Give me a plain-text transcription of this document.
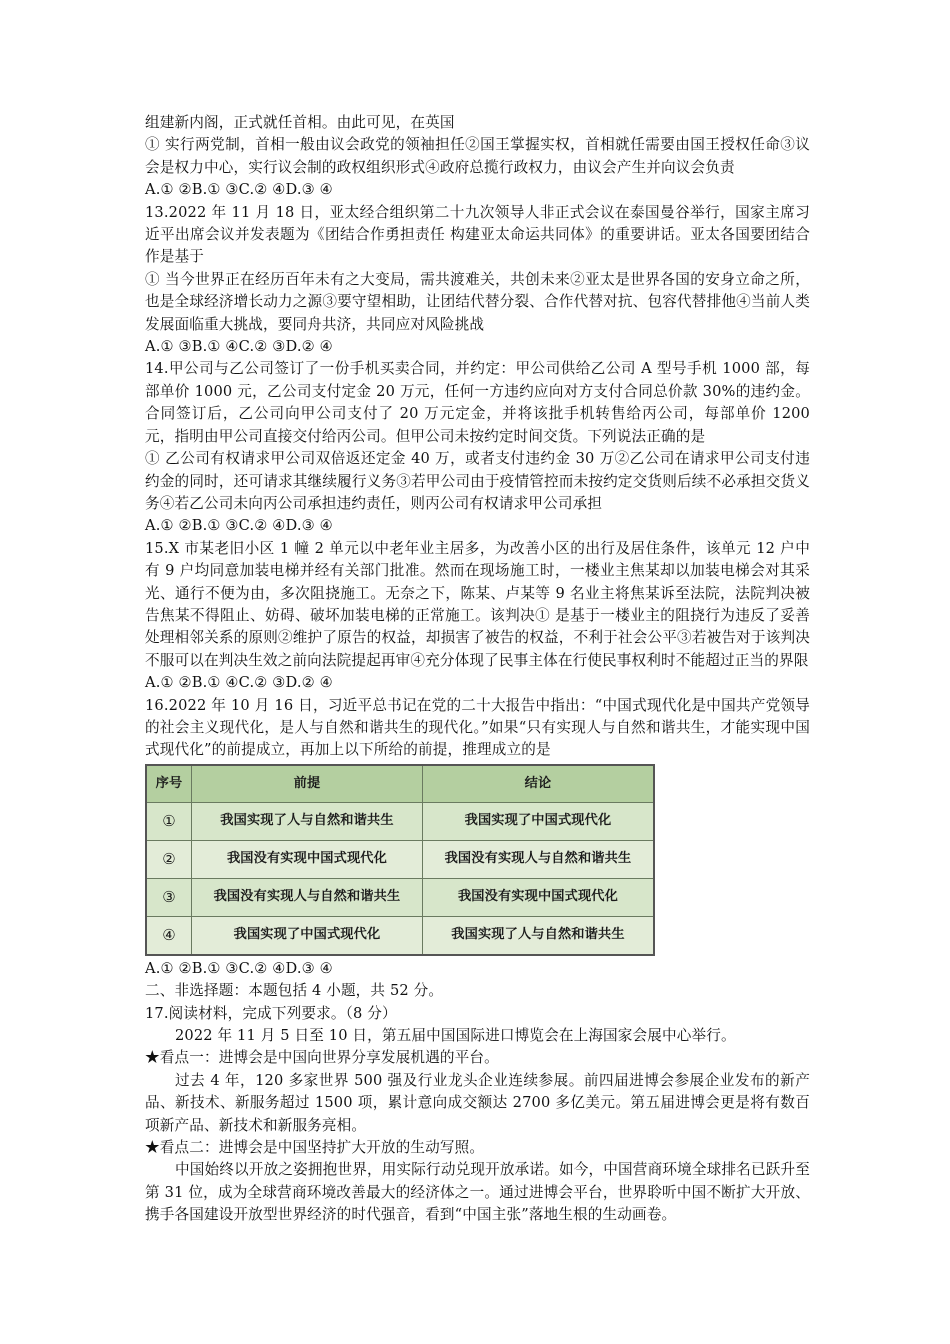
组建新内阁，正式就任首相。由此可见，在英国

① 实行两党制，首相一般由议会政党的领袖担任②国王掌握实权，首相就任需要由国王授权任命③议会是权力中心，实行议会制的政权组织形式④政府总揽行政权力，由议会产生并向议会负责

A.① ②B.① ③C.② ④D.③ ④

13.2022 年 11 月 18 日，亚太经合组织第二十九次领导人非正式会议在泰国曼谷举行，国家主席习近平出席会议并发表题为《团结合作勇担责任 构建亚太命运共同体》的重要讲话。亚太各国要团结合作是基于

① 当今世界正在经历百年未有之大变局，需共渡难关，共创未来②亚太是世界各国的安身立命之所，也是全球经济增长动力之源③要守望相助，让团结代替分裂、合作代替对抗、包容代替排他④当前人类发展面临重大挑战，要同舟共济，共同应对风险挑战

A.① ③B.① ④C.② ③D.② ④

14.甲公司与乙公司签订了一份手机买卖合同，并约定：甲公司供给乙公司 A 型号手机 1000 部，每部单价 1000 元，乙公司支付定金 20 万元，任何一方违约应向对方支付合同总价款 30%的违约金。合同签订后，乙公司向甲公司支付了 20 万元定金，并将该批手机转售给丙公司，每部单价 1200 元，指明由甲公司直接交付给丙公司。但甲公司未按约定时间交货。下列说法正确的是

① 乙公司有权请求甲公司双倍返还定金 40 万，或者支付违约金 30 万②乙公司在请求甲公司支付违约金的同时，还可请求其继续履行义务③若甲公司由于疫情管控而未按约定交货则后续不必承担交货义务④若乙公司未向丙公司承担违约责任，则丙公司有权请求甲公司承担

A.① ②B.① ③C.② ④D.③ ④

15.X 市某老旧小区 1 幢 2 单元以中老年业主居多，为改善小区的出行及居住条件，该单元 12 户中有 9 户均同意加装电梯并经有关部门批准。然而在现场施工时，一楼业主焦某却以加装电梯会对其采光、通行不便为由，多次阻挠施工。无奈之下，陈某、卢某等 9 名业主将焦某诉至法院，法院判决被告焦某不得阻止、妨碍、破坏加装电梯的正常施工。该判决① 是基于一楼业主的阻挠行为违反了妥善处理相邻关系的原则②维护了原告的权益，却损害了被告的权益，不利于社会公平③若被告对于该判决不服可以在判决生效之前向法院提起再审④充分体现了民事主体在行使民事权利时不能超过正当的界限

A.① ②B.① ④C.② ③D.② ④

16.2022 年 10 月 16 日，习近平总书记在党的二十大报告中指出：“中国式现代化是中国共产党领导的社会主义现代化，是人与自然和谐共生的现代化。”如果“只有实现人与自然和谐共生，才能实现中国式现代化”的前提成立，再加上以下所给的前提，推理成立的是

序号	前提	结论
①	我国实现了人与自然和谐共生	我国实现了中国式现代化
②	我国没有实现中国式现代化	我国没有实现人与自然和谐共生
③	我国没有实现人与自然和谐共生	我国没有实现中国式现代化
④	我国实现了中国式现代化	我国实现了人与自然和谐共生

A.① ②B.① ③C.② ④D.③ ④

二、非选择题：本题包括 4 小题，共 52 分。

17.阅读材料，完成下列要求。（8 分）

2022 年 11 月 5 日至 10 日，第五届中国国际进口博览会在上海国家会展中心举行。

★看点一：进博会是中国向世界分享发展机遇的平台。

过去 4 年，120 多家世界 500 强及行业龙头企业连续参展。前四届进博会参展企业发布的新产品、新技术、新服务超过 1500 项，累计意向成交额达 2700 多亿美元。第五届进博会更是将有数百项新产品、新技术和新服务亮相。

★看点二：进博会是中国坚持扩大开放的生动写照。

中国始终以开放之姿拥抱世界，用实际行动兑现开放承诺。如今，中国营商环境全球排名已跃升至第 31 位，成为全球营商环境改善最大的经济体之一。通过进博会平台，世界聆听中国不断扩大开放、携手各国建设开放型世界经济的时代强音，看到“中国主张”落地生根的生动画卷。
